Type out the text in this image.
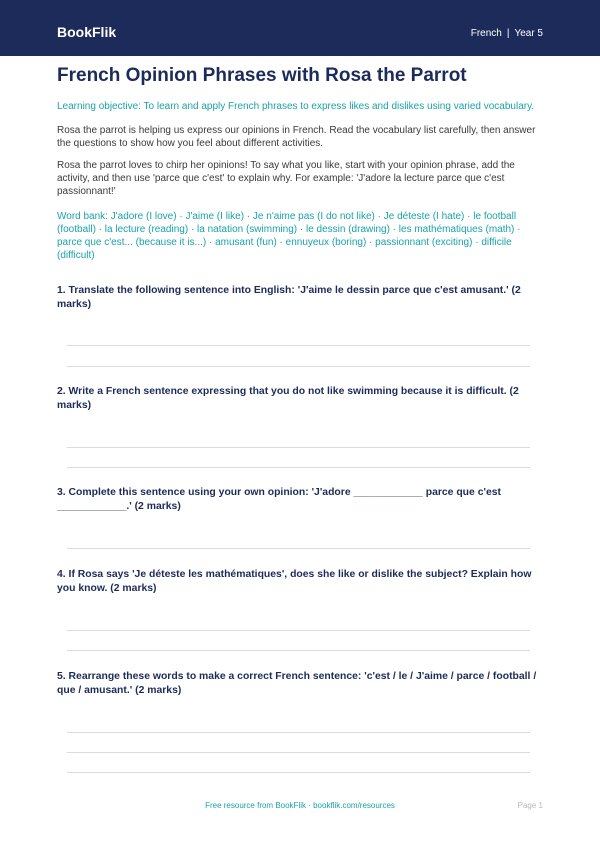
BookFlik	French | Year 5
French Opinion Phrases with Rosa the Parrot
Learning objective: To learn and apply French phrases to express likes and dislikes using varied vocabulary.
Rosa the parrot is helping us express our opinions in French. Read the vocabulary list carefully, then answer the questions to show how you feel about different activities.
Rosa the parrot loves to chirp her opinions! To say what you like, start with your opinion phrase, add the activity, and then use 'parce que c'est' to explain why. For example: 'J'adore la lecture parce que c'est passionnant!'
Word bank: J'adore (I love) · J'aime (I like) · Je n'aime pas (I do not like) · Je déteste (I hate) · le football (football) · la lecture (reading) · la natation (swimming) · le dessin (drawing) · les mathématiques (math) · parce que c'est... (because it is...) · amusant (fun) · ennuyeux (boring) · passionnant (exciting) · difficile (difficult)
1. Translate the following sentence into English: 'J'aime le dessin parce que c'est amusant.' (2 marks)
2. Write a French sentence expressing that you do not like swimming because it is difficult. (2 marks)
3. Complete this sentence using your own opinion: 'J'adore ____________ parce que c'est ____________.' (2 marks)
4. If Rosa says 'Je déteste les mathématiques', does she like or dislike the subject? Explain how you know. (2 marks)
5. Rearrange these words to make a correct French sentence: 'c'est / le / J'aime / parce / football / que / amusant.' (2 marks)
Free resource from BookFlik · bookflik.com/resources	Page 1
